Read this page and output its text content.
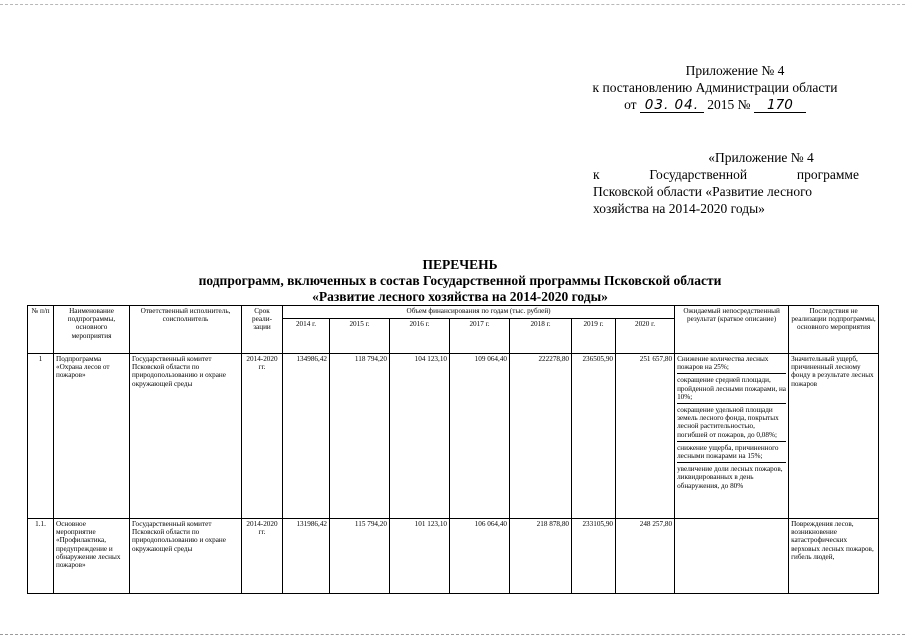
Приложение № 4
к постановлению Администрации области
от 03. 04. 2015 № 170
«Приложение № 4
к	Государственной	программе
Псковской области «Развитие лесного
хозяйства на 2014-2020 годы»
ПЕРЕЧЕНЬ
подпрограмм, включенных в состав Государственной программы Псковской области
«Развитие лесного хозяйства на 2014-2020 годы»
№ п/п	Наименование подпрограммы, основного мероприятия	Ответственный исполнитель, соисполнитель	Срок реали-зации	Объем финансирования по годам (тыс. рублей)							Ожидаемый непосредственный результат (краткое описание)	Последствия не реализации подпрограммы, основного мероприятия
				2014 г.	2015 г.	2016 г.	2017 г.	2018 г.	2019 г.	2020 г.		
1	Подпрограмма «Охрана лесов от пожаров»	Государственный комитет Псковской области по природопользованию и охране окружающей среды	2014-2020 гг.	134986,42	118 794,20	104 123,10	109 064,40	222278,80	236505,90	251 657,80	Снижение количества лесных пожаров на 25%;
сокращение средней площади, пройденной лесными пожарами, на 10%;
сокращение удельной площади земель лесного фонда, покрытых лесной растительностью, погибшей от пожаров, до 0,08%;
снижение ущерба, причиненного лесными пожарами на 15%;
увеличение доли лесных пожаров, ликвидированных в день обнаружения, до 80%	Значительный ущерб, причиненный лесному фонду в результате лесных пожаров
1.1.	Основное мероприятие «Профилактика, предупреждение и обнаружение лесных пожаров»	Государственный комитет Псковской области по природопользованию и охране окружающей среды	2014-2020 гг.	131986,42	115 794,20	101 123,10	106 064,40	218 878,80	233105,90	248 257,80		Повреждения лесов, возникновение катастрофических верховых лесных пожаров, гибель людей,
